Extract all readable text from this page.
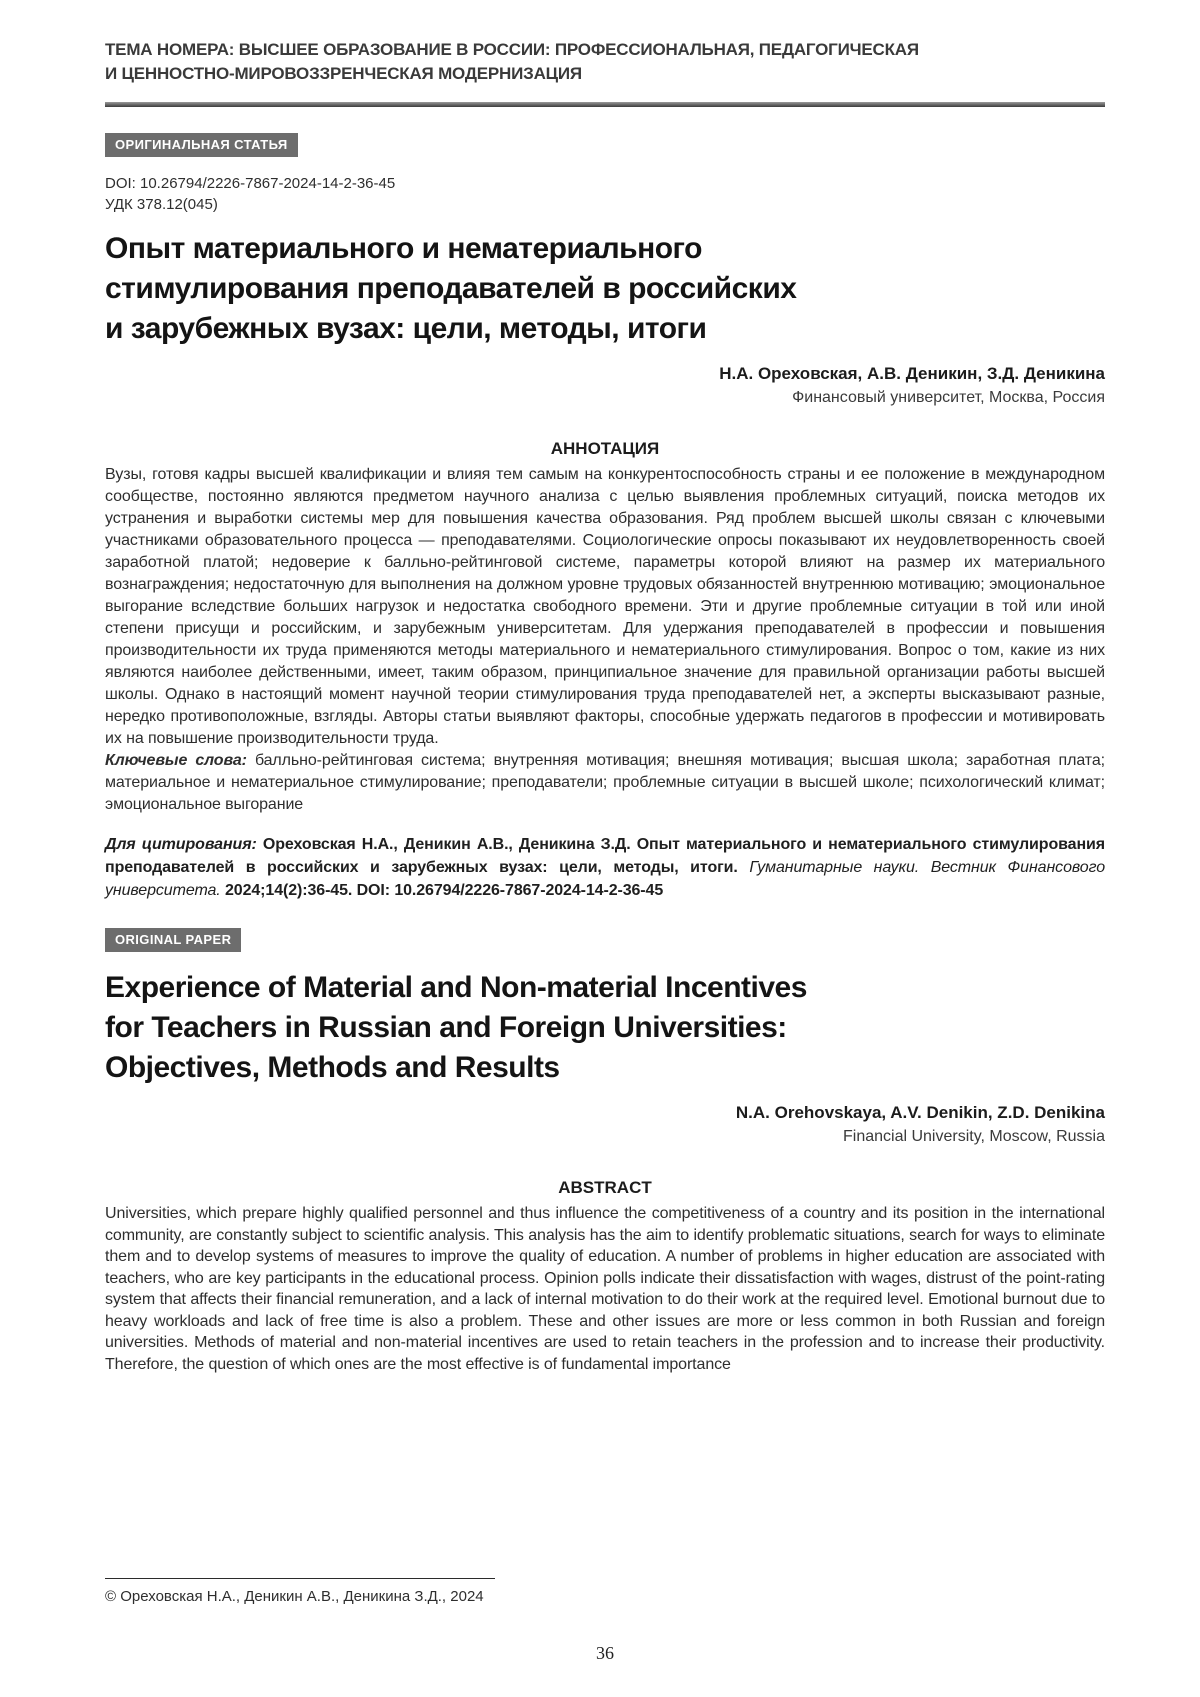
ТЕМА НОМЕРА: ВЫСШЕЕ ОБРАЗОВАНИЕ В РОССИИ: ПРОФЕССИОНАЛЬНАЯ, ПЕДАГОГИЧЕСКАЯ
И ЦЕННОСТНО-МИРОВОЗЗРЕНЧЕСКАЯ МОДЕРНИЗАЦИЯ
ОРИГИНАЛЬНАЯ СТАТЬЯ
DOI: 10.26794/2226-7867-2024-14-2-36-45
УДК 378.12(045)
Опыт материального и нематериального
стимулирования преподавателей в российских
и зарубежных вузах: цели, методы, итоги
Н.А. Ореховская, А.В. Деникин, З.Д. Деникина
Финансовый университет, Москва, Россия
АННОТАЦИЯ
Вузы, готовя кадры высшей квалификации и влияя тем самым на конкурентоспособность страны и ее положение в международном сообществе, постоянно являются предметом научного анализа с целью выявления проблемных ситуаций, поиска методов их устранения и выработки системы мер для повышения качества образования. Ряд проблем высшей школы связан с ключевыми участниками образовательного процесса — преподавателями. Социологические опросы показывают их неудовлетворенность своей заработной платой; недоверие к балльно-рейтинговой системе, параметры которой влияют на размер их материального вознаграждения; недостаточную для выполнения на должном уровне трудовых обязанностей внутреннюю мотивацию; эмоциональное выгорание вследствие больших нагрузок и недостатка свободного времени. Эти и другие проблемные ситуации в той или иной степени присущи и российским, и зарубежным университетам. Для удержания преподавателей в профессии и повышения производительности их труда применяются методы материального и нематериального стимулирования. Вопрос о том, какие из них являются наиболее действенными, имеет, таким образом, принципиальное значение для правильной организации работы высшей школы. Однако в настоящий момент научной теории стимулирования труда преподавателей нет, а эксперты высказывают разные, нередко противоположные, взгляды. Авторы статьи выявляют факторы, способные удержать педагогов в профессии и мотивировать их на повышение производительности труда.
Ключевые слова: балльно-рейтинговая система; внутренняя мотивация; внешняя мотивация; высшая школа; заработная плата; материальное и нематериальное стимулирование; преподаватели; проблемные ситуации в высшей школе; психологический климат; эмоциональное выгорание
Для цитирования: Ореховская Н.А., Деникин А.В., Деникина З.Д. Опыт материального и нематериального стимулирования преподавателей в российских и зарубежных вузах: цели, методы, итоги. Гуманитарные науки. Вестник Финансового университета. 2024;14(2):36-45. DOI: 10.26794/2226-7867-2024-14-2-36-45
ORIGINAL PAPER
Experience of Material and Non-material Incentives
for Teachers in Russian and Foreign Universities:
Objectives, Methods and Results
N.A. Orehovskaya, A.V. Denikin, Z.D. Denikina
Financial University, Moscow, Russia
ABSTRACT
Universities, which prepare highly qualified personnel and thus influence the competitiveness of a country and its position in the international community, are constantly subject to scientific analysis. This analysis has the aim to identify problematic situations, search for ways to eliminate them and to develop systems of measures to improve the quality of education. A number of problems in higher education are associated with teachers, who are key participants in the educational process. Opinion polls indicate their dissatisfaction with wages, distrust of the point-rating system that affects their financial remuneration, and a lack of internal motivation to do their work at the required level. Emotional burnout due to heavy workloads and lack of free time is also a problem. These and other issues are more or less common in both Russian and foreign universities. Methods of material and non-material incentives are used to retain teachers in the profession and to increase their productivity. Therefore, the question of which ones are the most effective is of fundamental importance
© Ореховская Н.А., Деникин А.В., Деникина З.Д., 2024
36
